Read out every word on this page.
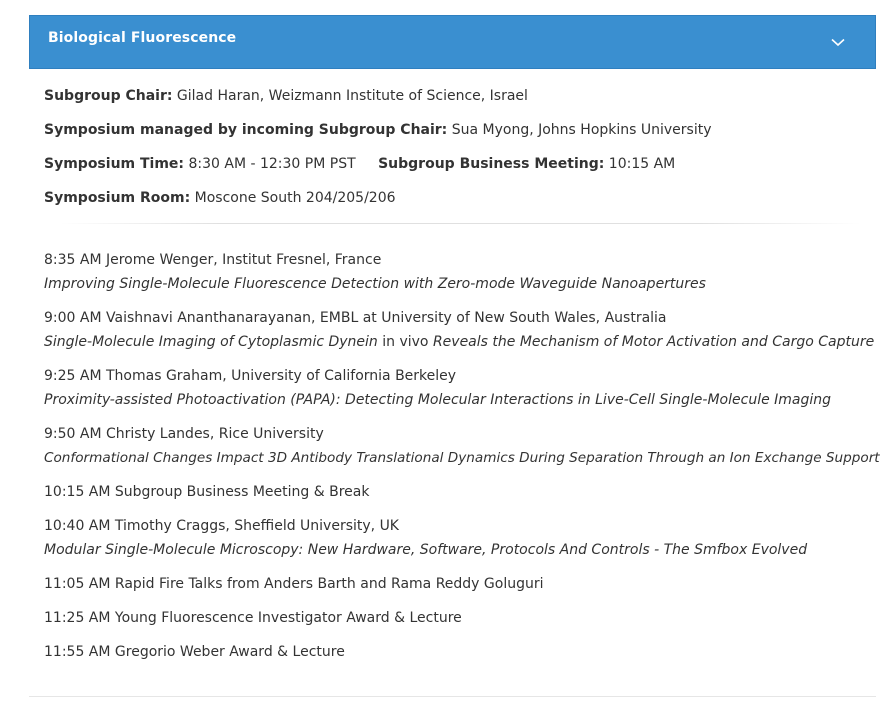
Biological Fluorescence

Subgroup Chair: Gilad Haran, Weizmann Institute of Science, Israel

Symposium managed by incoming Subgroup Chair: Sua Myong, Johns Hopkins University

Symposium Time: 8:30 AM - 12:30 PM PST Subgroup Business Meeting: 10:15 AM

Symposium Room: Moscone South 204/205/206

8:35 AM Jerome Wenger, Institut Fresnel, France
Improving Single-Molecule Fluorescence Detection with Zero-mode Waveguide Nanoapertures
9:00 AM Vaishnavi Ananthanarayanan, EMBL at University of New South Wales, Australia
Single-Molecule Imaging of Cytoplasmic Dynein in vivo Reveals the Mechanism of Motor Activation and Cargo Capture
9:25 AM Thomas Graham, University of California Berkeley
Proximity-assisted Photoactivation (PAPA): Detecting Molecular Interactions in Live-Cell Single-Molecule Imaging
9:50 AM Christy Landes, Rice University
Conformational Changes Impact 3D Antibody Translational Dynamics During Separation Through an Ion Exchange Support
10:15 AM Subgroup Business Meeting & Break
10:40 AM Timothy Craggs, Sheffield University, UK
Modular Single-Molecule Microscopy: New Hardware, Software, Protocols And Controls - The Smfbox Evolved
11:05 AM Rapid Fire Talks from Anders Barth and Rama Reddy Goluguri
11:25 AM Young Fluorescence Investigator Award & Lecture
11:55 AM Gregorio Weber Award & Lecture
